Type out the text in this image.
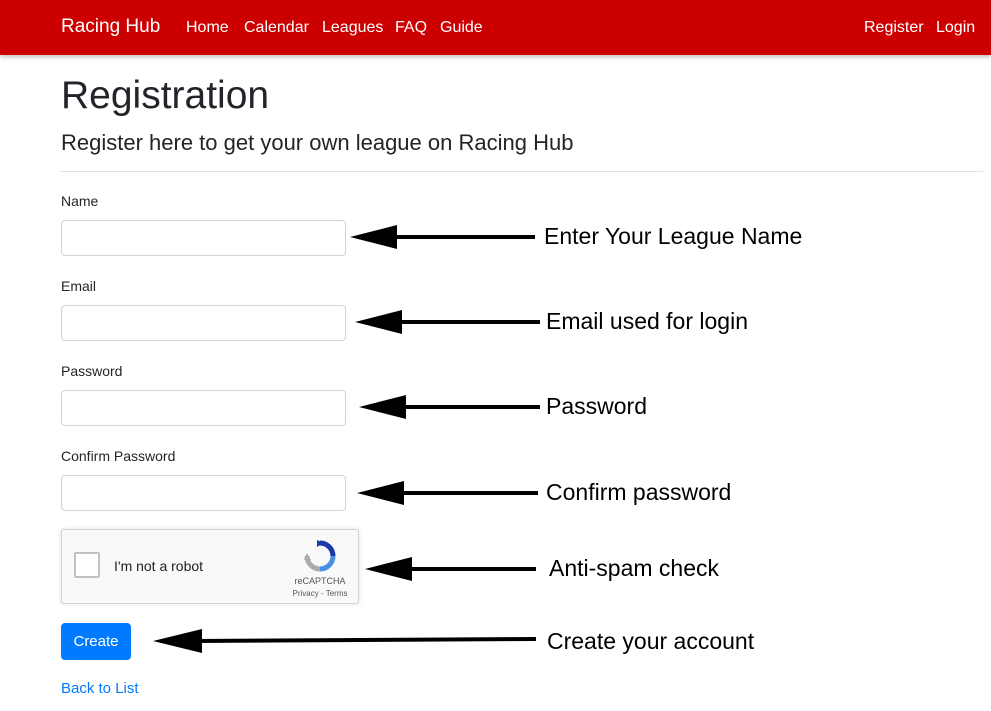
Racing Hub Home Calendar Leagues FAQ Guide	Register Login
Registration
Register here to get your own league on Racing Hub
Name
Email
Password
Confirm Password
I'm not a robot
reCAPTCHA
Privacy - Terms
Create
Back to List
Enter Your League Name
Email used for login
Password
Confirm password
Anti-spam check
Create your account
